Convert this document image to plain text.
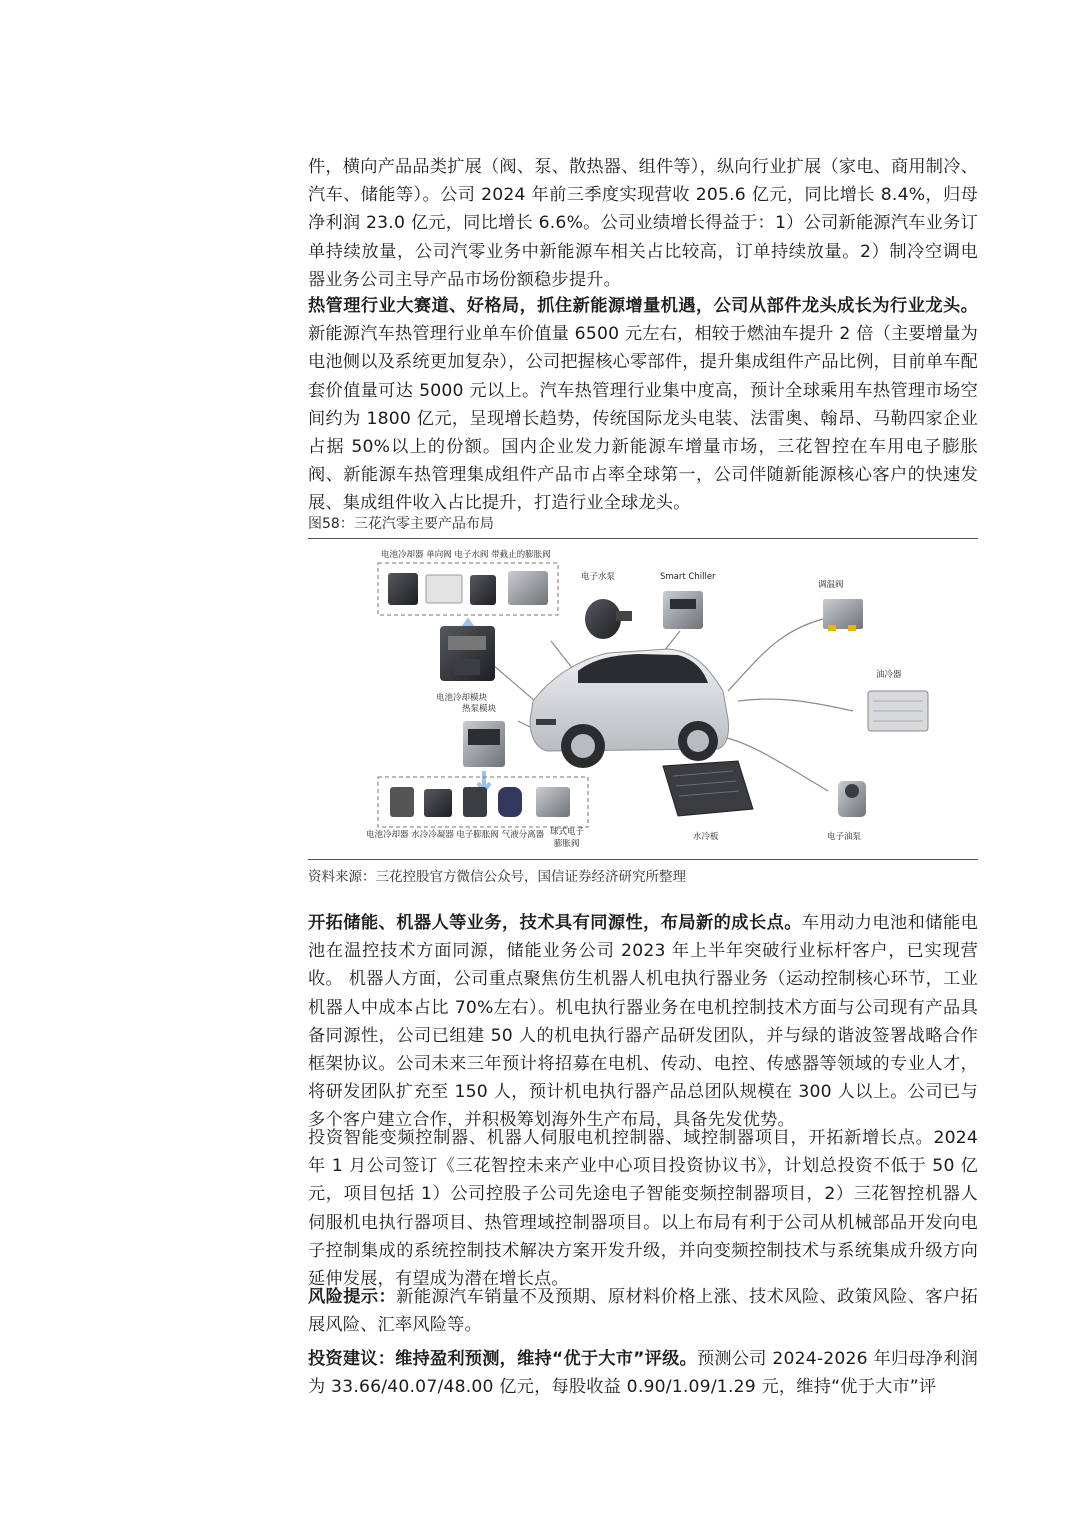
件，横向产品品类扩展（阀、泵、散热器、组件等），纵向行业扩展（家电、商用制冷、汽车、储能等）。公司 2024 年前三季度实现营收 205.6 亿元，同比增长 8.4%，归母净利润 23.0 亿元，同比增长 6.6%。公司业绩增长得益于：1）公司新能源汽车业务订单持续放量，公司汽零业务中新能源车相关占比较高，订单持续放量。2）制冷空调电器业务公司主导产品市场份额稳步提升。
热管理行业大赛道、好格局，抓住新能源增量机遇，公司从部件龙头成长为行业龙头。新能源汽车热管理行业单车价值量 6500 元左右，相较于燃油车提升 2 倍（主要增量为电池侧以及系统更加复杂），公司把握核心零部件，提升集成组件产品比例，目前单车配套价值量可达 5000 元以上。汽车热管理行业集中度高，预计全球乘用车热管理市场空间约为 1800 亿元，呈现增长趋势，传统国际龙头电装、法雷奥、翰昂、马勒四家企业占据 50%以上的份额。国内企业发力新能源车增量市场，三花智控在车用电子膨胀阀、新能源车热管理集成组件产品市占率全球第一，公司伴随新能源核心客户的快速发展、集成组件收入占比提升，打造行业全球龙头。
图58：三花汽零主要产品布局
电池冷却器 单向阀 电子水阀 带截止的膨胀阀
电池冷却模块
电子水泵	Smart Chiller
调温阀
油冷器
热泵模块
电池冷却器 水冷冷凝器 电子膨胀阀 气液分离器 球式电子
膨胀阀
水冷板	电子油泵
资料来源：三花控股官方微信公众号，国信证券经济研究所整理
开拓储能、机器人等业务，技术具有同源性，布局新的成长点。车用动力电池和储能电池在温控技术方面同源，储能业务公司 2023 年上半年突破行业标杆客户，已实现营收。 机器人方面，公司重点聚焦仿生机器人机电执行器业务（运动控制核心环节，工业机器人中成本占比 70%左右）。机电执行器业务在电机控制技术方面与公司现有产品具备同源性，公司已组建 50 人的机电执行器产品研发团队，并与绿的谐波签署战略合作框架协议。公司未来三年预计将招募在电机、传动、电控、传感器等领域的专业人才，将研发团队扩充至 150 人，预计机电执行器产品总团队规模在 300 人以上。公司已与多个客户建立合作，并积极筹划海外生产布局，具备先发优势。
投资智能变频控制器、机器人伺服电机控制器、域控制器项目，开拓新增长点。2024 年 1 月公司签订《三花智控未来产业中心项目投资协议书》，计划总投资不低于 50 亿元，项目包括 1）公司控股子公司先途电子智能变频控制器项目，2）三花智控机器人伺服机电执行器项目、热管理域控制器项目。以上布局有利于公司从机械部品开发向电子控制集成的系统控制技术解决方案开发升级，并向变频控制技术与系统集成升级方向延伸发展，有望成为潜在增长点。
风险提示：新能源汽车销量不及预期、原材料价格上涨、技术风险、政策风险、客户拓展风险、汇率风险等。
投资建议：维持盈利预测，维持“优于大市”评级。预测公司 2024-2026 年归母净利润为 33.66/40.07/48.00 亿元，每股收益 0.90/1.09/1.29 元，维持“优于大市”评
